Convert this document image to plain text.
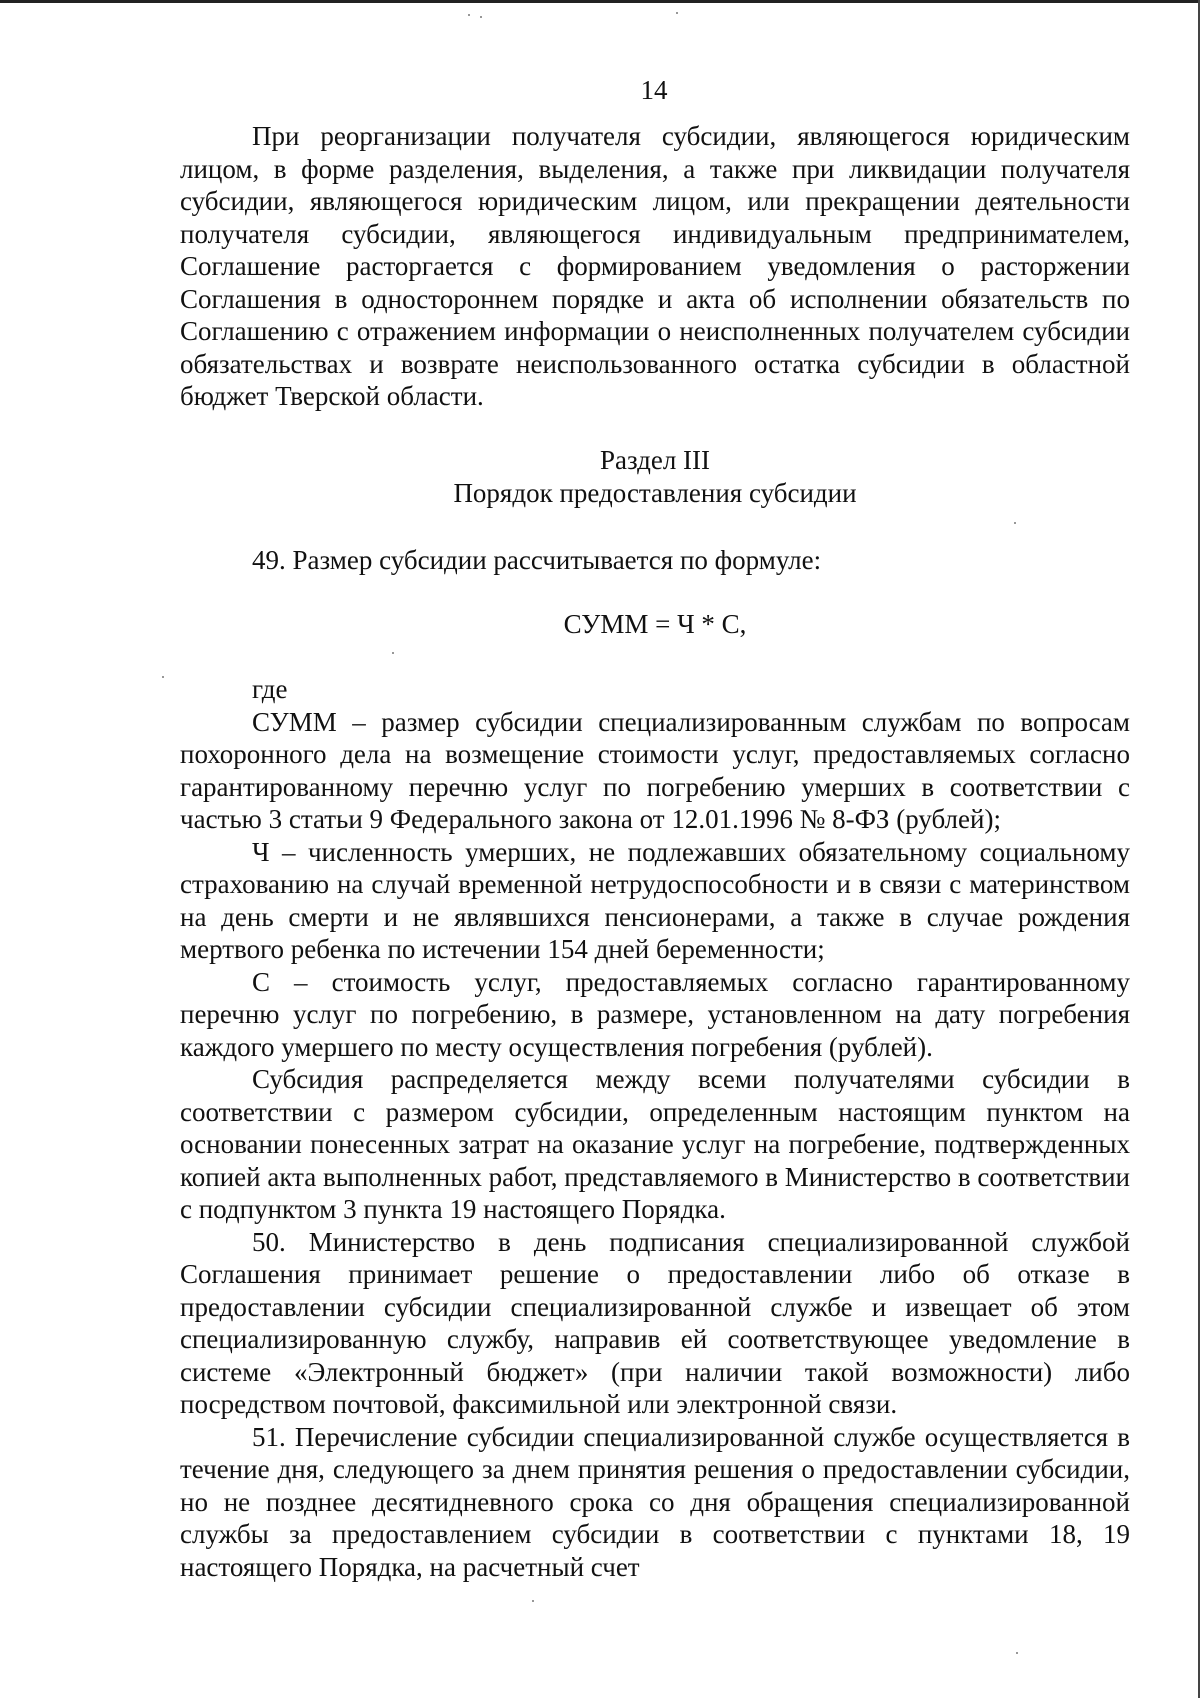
14

При реорганизации получателя субсидии, являющегося юридическим лицом, в форме разделения, выделения, а также при ликвидации получателя субсидии, являющегося юридическим лицом, или прекращении деятельности получателя субсидии, являющегося индивидуальным предпринимателем, Соглашение расторгается с формированием уведомления о расторжении Соглашения в одностороннем порядке и акта об исполнении обязательств по Соглашению с отражением информации о неисполненных получателем субсидии обязательствах и возврате неиспользованного остатка субсидии в областной бюджет Тверской области.

Раздел III
Порядок предоставления субсидии

49. Размер субсидии рассчитывается по формуле:

СУММ = Ч * С,

где

СУММ – размер субсидии специализированным службам по вопросам похоронного дела на возмещение стоимости услуг, предоставляемых согласно гарантированному перечню услуг по погребению умерших в соответствии с частью 3 статьи 9 Федерального закона от 12.01.1996 № 8-ФЗ (рублей);

Ч – численность умерших, не подлежавших обязательному социальному страхованию на случай временной нетрудоспособности и в связи с материнством на день смерти и не являвшихся пенсионерами, а также в случае рождения мертвого ребенка по истечении 154 дней беременности;

С – стоимость услуг, предоставляемых согласно гарантированному перечню услуг по погребению, в размере, установленном на дату погребения каждого умершего по месту осуществления погребения (рублей).

Субсидия распределяется между всеми получателями субсидии в соответствии с размером субсидии, определенным настоящим пунктом на основании понесенных затрат на оказание услуг на погребение, подтвержденных копией акта выполненных работ, представляемого в Министерство в соответствии с подпунктом 3 пункта 19 настоящего Порядка.

50. Министерство в день подписания специализированной службой Соглашения принимает решение о предоставлении либо об отказе в предоставлении субсидии специализированной службе и извещает об этом специализированную службу, направив ей соответствующее уведомление в системе «Электронный бюджет» (при наличии такой возможности) либо посредством почтовой, факсимильной или электронной связи.

51. Перечисление субсидии специализированной службе осуществляется в течение дня, следующего за днем принятия решения о предоставлении субсидии, но не позднее десятидневного срока со дня обращения специализированной службы за предоставлением субсидии в соответствии с пунктами 18, 19 настоящего Порядка, на расчетный счет
